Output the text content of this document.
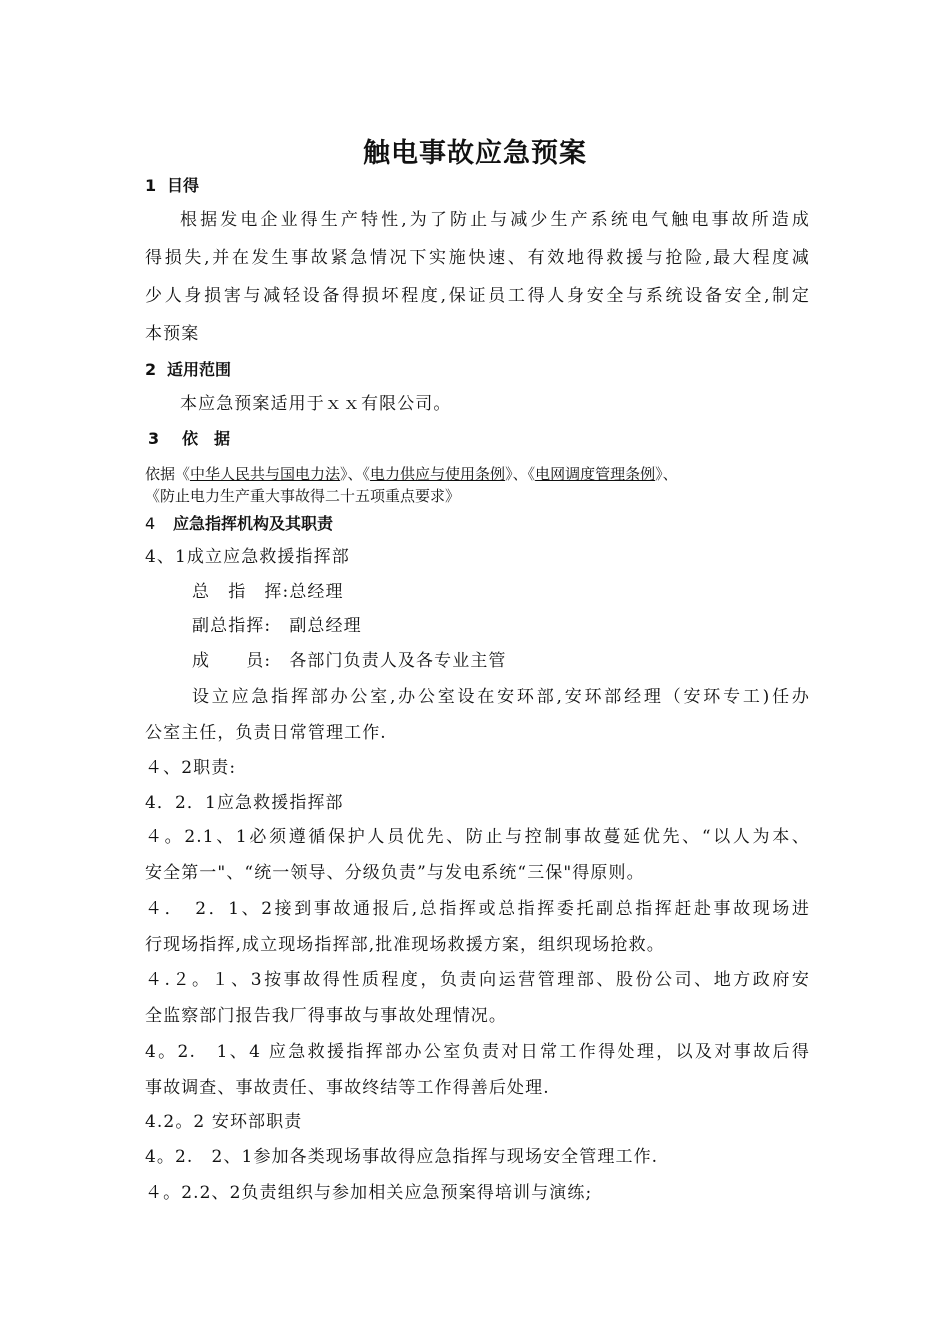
触电事故应急预案
1 目得
根据发电企业得生产特性,为了防止与减少生产系统电气触电事故所造成
得损失,并在发生事故紧急情况下实施快速、有效地得救援与抢险,最大程度减
少人身损害与减轻设备得损坏程度,保证员工得人身安全与系统设备安全,制定
本预案
2 适用范围
本应急预案适用于ｘｘ有限公司。
3 依　据
依据《中华人民共与国电力法》、《电力供应与使用条例》、《电网调度管理条例》、
《防止电力生产重大事故得二十五项重点要求》
4 应急指挥机构及其职责
4、1成立应急救援指挥部
总　指　挥:总经理
副总指挥:　副总经理
成　　员:　各部门负责人及各专业主管
设立应急指挥部办公室,办公室设在安环部,安环部经理（安环专工)任办
公室主任，负责日常管理工作.
４、2职责:
4．2．1应急救援指挥部
４。2.1、1必须遵循保护人员优先、防止与控制事故蔓延优先、“以人为本、
安全第一"、“统一领导、分级负责”与发电系统“三保"得原则。
４．　2．1、2接到事故通报后,总指挥或总指挥委托副总指挥赶赴事故现场进
行现场指挥,成立现场指挥部,批准现场救援方案，组织现场抢救。
４.２。１、3按事故得性质程度，负责向运营管理部、股份公司、地方政府安
全监察部门报告我厂得事故与事故处理情况。
4。2.　1、4 应急救援指挥部办公室负责对日常工作得处理，以及对事故后得
事故调查、事故责任、事故终结等工作得善后处理.
4.2。2 安环部职责
4。2.　2、1参加各类现场事故得应急指挥与现场安全管理工作.
４。2.2、2负责组织与参加相关应急预案得培训与演练;
